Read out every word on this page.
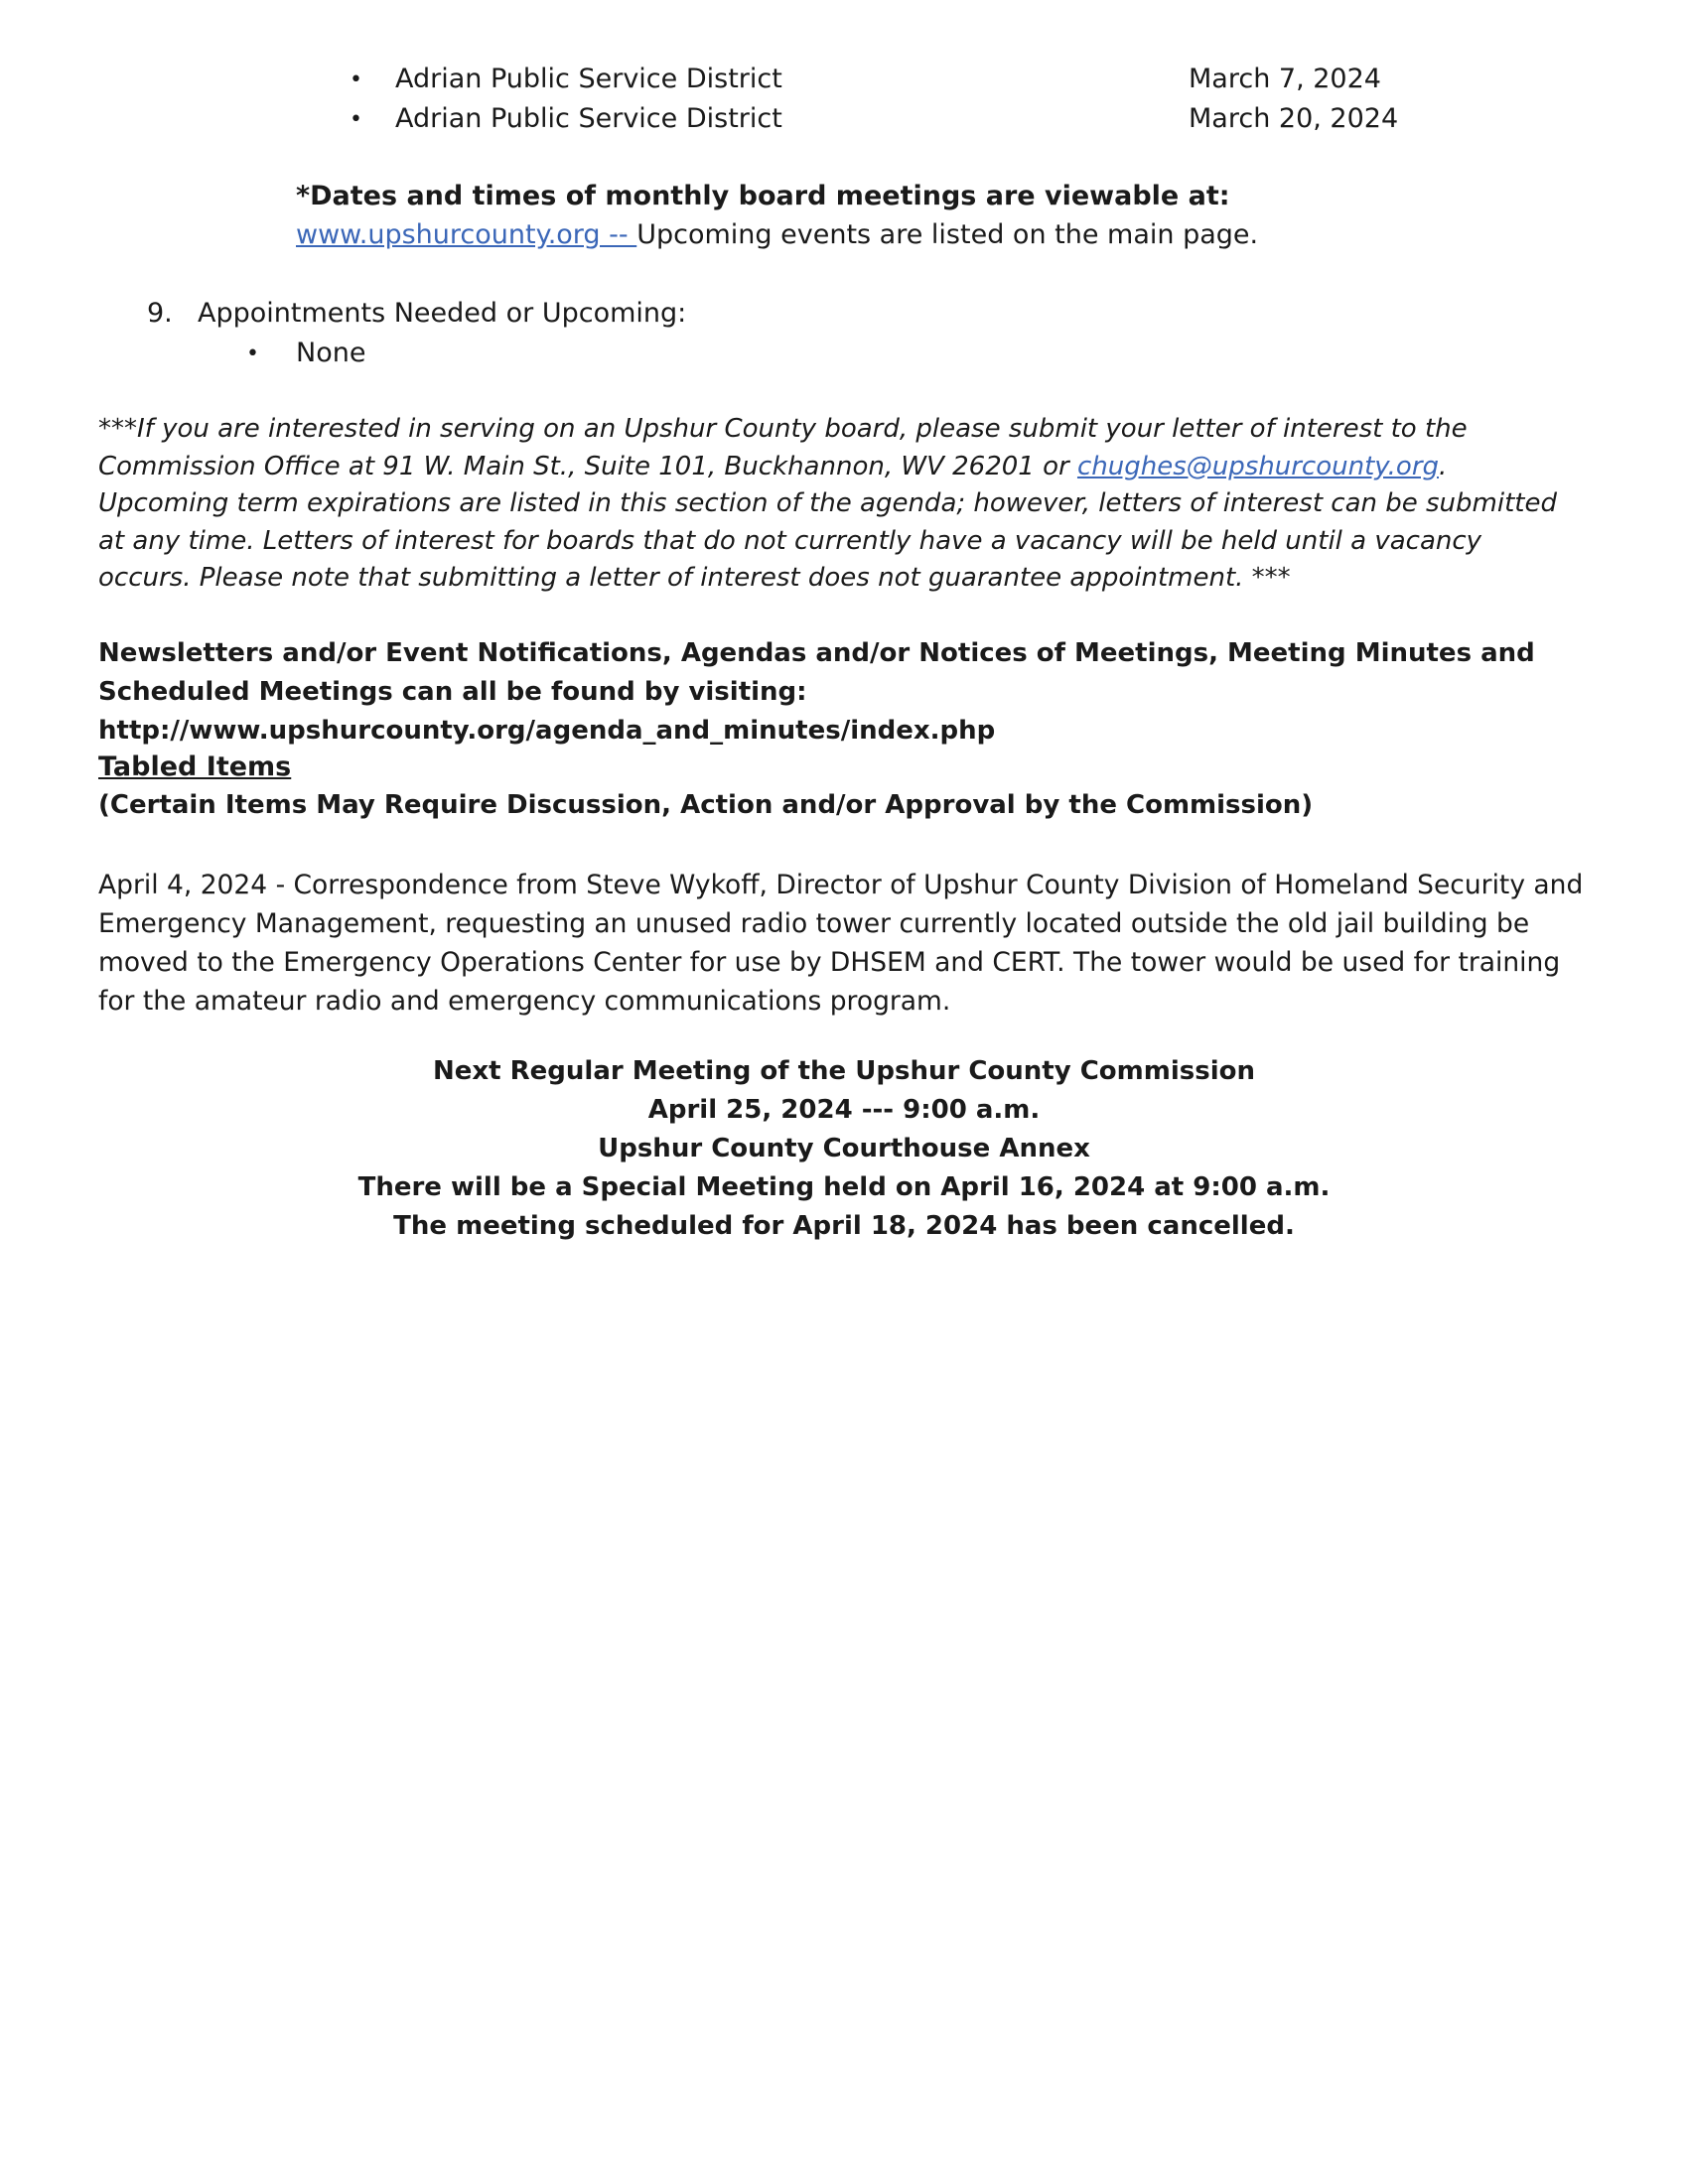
• Adrian Public Service District	March 7, 2024
• Adrian Public Service District	March 20, 2024
*Dates and times of monthly board meetings are viewable at:
www.upshurcounty.org -- Upcoming events are listed on the main page.
9. Appointments Needed or Upcoming:
• None
***If you are interested in serving on an Upshur County board, please submit your letter of interest to the Commission Office at 91 W. Main St., Suite 101, Buckhannon, WV 26201 or chughes@upshurcounty.org. Upcoming term expirations are listed in this section of the agenda; however, letters of interest can be submitted at any time. Letters of interest for boards that do not currently have a vacancy will be held until a vacancy occurs. Please note that submitting a letter of interest does not guarantee appointment. ***
Newsletters and/or Event Notifications, Agendas and/or Notices of Meetings, Meeting Minutes and Scheduled Meetings can all be found by visiting: http://www.upshurcounty.org/agenda_and_minutes/index.php
Tabled Items
(Certain Items May Require Discussion, Action and/or Approval by the Commission)
April 4, 2024 - Correspondence from Steve Wykoff, Director of Upshur County Division of Homeland Security and Emergency Management, requesting an unused radio tower currently located outside the old jail building be moved to the Emergency Operations Center for use by DHSEM and CERT. The tower would be used for training for the amateur radio and emergency communications program.
Next Regular Meeting of the Upshur County Commission
April 25, 2024 --- 9:00 a.m.
Upshur County Courthouse Annex
There will be a Special Meeting held on April 16, 2024 at 9:00 a.m.
The meeting scheduled for April 18, 2024 has been cancelled.
